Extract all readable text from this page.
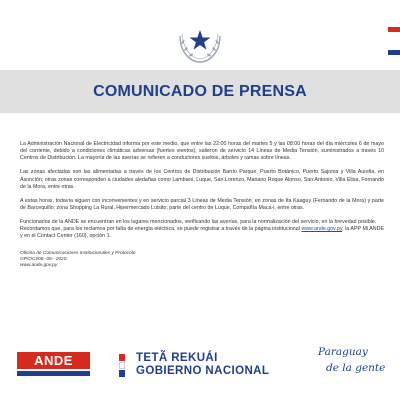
COMUNICADO DE PRENSA

La Administración Nacional de Electricidad informa por este medio, que entre las 22:00 horas del martes 5 y las 08:00 horas del día miércoles 6 de mayo del corriente, debido a condiciones climáticas adversas (fuertes vientos), salieron de servicio 14 Líneas de Media Tensión, suministrados a través 10 Centros de Distribución. La mayoría de las averías se refieren a conductores sueltos, árboles y ramas sobre líneas.

Las zonas afectadas son las alimentadas a través de los Centros de Distribución Barrio Parque, Puerto Botánico, Puerto Sajonia y Villa Aurelia, en Asunción; otras zonas corresponden a ciudades aledañas como Lambaré, Luque, San Lorenzo, Mariano Roque Alonso, San Antonio, Villa Elisa, Fernando de la Mora, entre otras.

A estas horas, todavía siguen con inconvenientes y en servicio parcial 3 Líneas de Media Tensión, en zonas de Ita Kaaguy (Fernando de la Mora) y parte de Barcequillo; zona Shopping La Rural, Hipermercado Luisito; parte del centro de Luque, Compañía Maca-i, entre otras.

Funcionarios de la ANDE se encuentran en los lugares mencionados, verificando las averías, para la normalización del servicio, en la brevedad posible.
Recordamos que, para los reclamos por falta de energía eléctrica, se puede registrar a través de la página institucional www.ande.gov.py, la APP Mi ANDE y en el Contact Center (160), opción 1.

Oficina de Comunicaciones Institucionales y Protocolo
GP/OCI/06- 05– 2020
www.ande.gov.py
ANDE	TETÃ REKUÁI
GOBIERNO NACIONAL
Paraguay
de la gente
